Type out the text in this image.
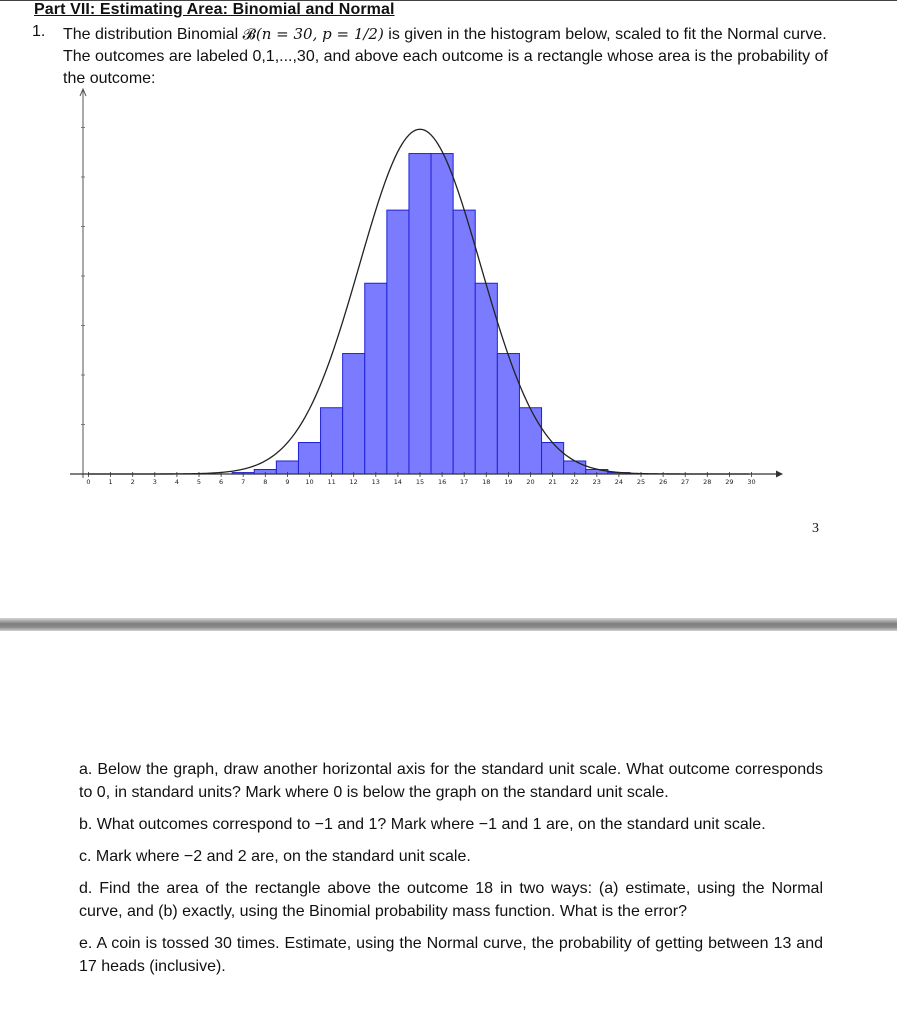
Part VII: Estimating Area: Binomial and Normal
1. The distribution Binomial 𝓑(n = 30, p = 1/2) is given in the histogram below, scaled to fit the Normal curve. The outcomes are labeled 0,1,...,30, and above each outcome is a rectangle whose area is the probability of the outcome:
0	1	2	3	4	5	6	7	8	9 10 11 12 13 14 15 16 17 18 19 20 21 22 23 24 25 26 27 28 29 30
3
a. Below the graph, draw another horizontal axis for the standard unit scale. What outcome corresponds to 0, in standard units? Mark where 0 is below the graph on the standard unit scale.
b. What outcomes correspond to −1 and 1? Mark where −1 and 1 are, on the standard unit scale.
c. Mark where −2 and 2 are, on the standard unit scale.
d. Find the area of the rectangle above the outcome 18 in two ways: (a) estimate, using the Normal curve, and (b) exactly, using the Binomial probability mass function. What is the error?
e. A coin is tossed 30 times. Estimate, using the Normal curve, the probability of getting between 13 and 17 heads (inclusive).
